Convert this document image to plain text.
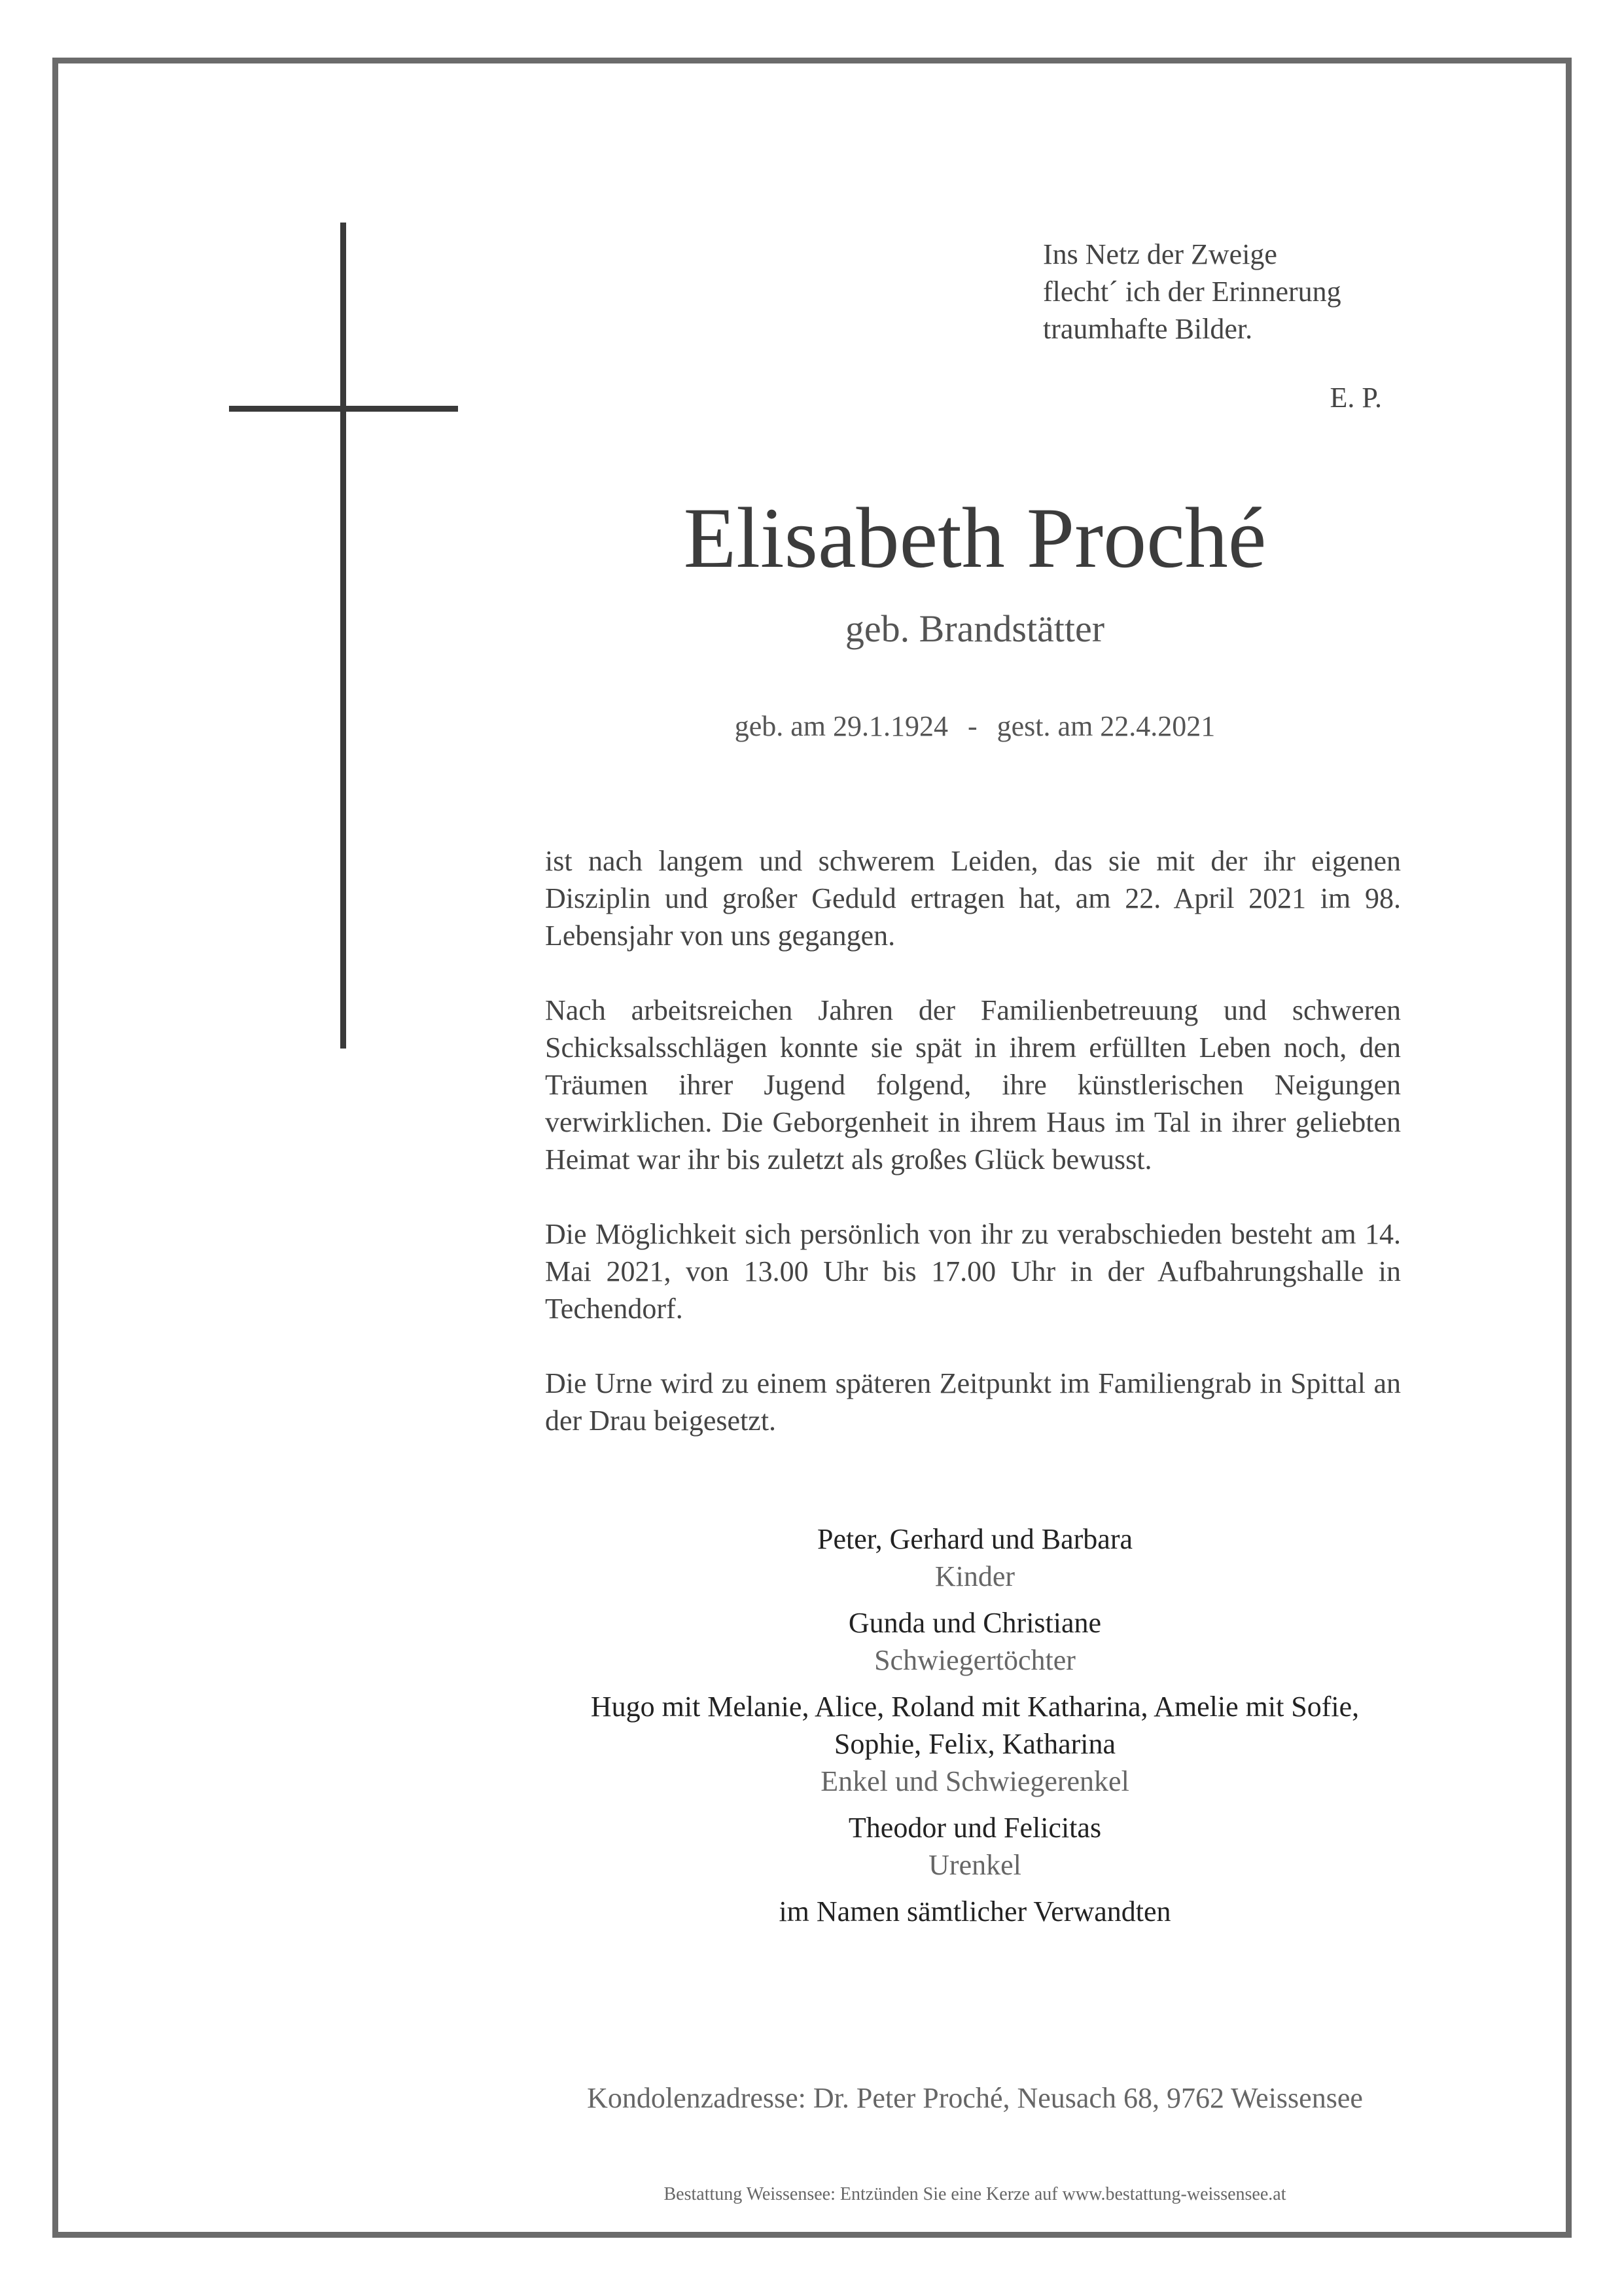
Ins Netz der Zweige
flecht´ ich der Erinnerung
traumhafte Bilder.
E. P.
Elisabeth Proché
geb. Brandstätter
geb. am 29.1.1924 - gest. am 22.4.2021

ist nach langem und schwerem Leiden, das sie mit der ihr eigenen Disziplin und großer Geduld ertragen hat, am 22. April 2021 im 98. Lebensjahr von uns gegangen.

Nach arbeitsreichen Jahren der Familienbetreuung und schweren Schicksalsschlägen konnte sie spät in ihrem erfüllten Leben noch, den Träumen ihrer Jugend folgend, ihre künstlerischen Neigungen verwirklichen. Die Geborgenheit in ihrem Haus im Tal in ihrer geliebten Heimat war ihr bis zuletzt als großes Glück bewusst.

Die Möglichkeit sich persönlich von ihr zu verabschieden besteht am 14. Mai 2021, von 13.00 Uhr bis 17.00 Uhr in der Aufbahrungshalle in Techendorf.

Die Urne wird zu einem späteren Zeitpunkt im Familiengrab in Spittal an der Drau beigesetzt.

Peter, Gerhard und Barbara
Kinder
Gunda und Christiane
Schwiegertöchter
Hugo mit Melanie, Alice, Roland mit Katharina, Amelie mit Sofie,
Sophie, Felix, Katharina
Enkel und Schwiegerenkel
Theodor und Felicitas
Urenkel
im Namen sämtlicher Verwandten
Kondolenzadresse: Dr. Peter Proché, Neusach 68, 9762 Weissensee
Bestattung Weissensee: Entzünden Sie eine Kerze auf www.bestattung-weissensee.at
